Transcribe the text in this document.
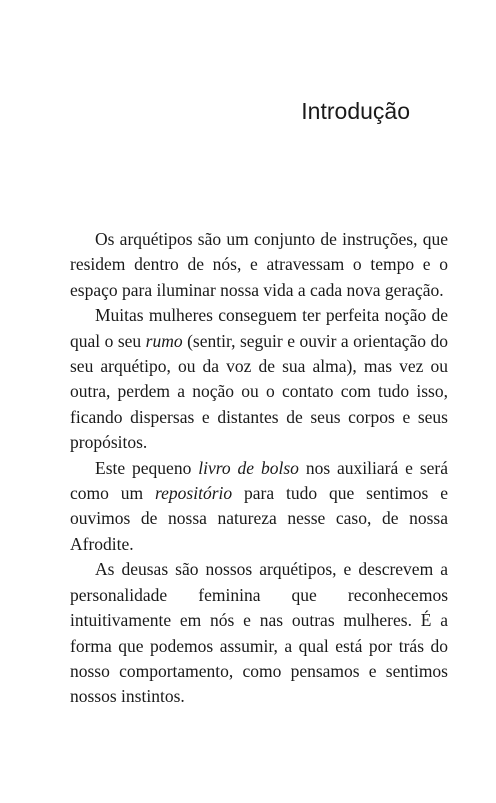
Introdução

Os arquétipos são um conjunto de instruções, que residem dentro de nós, e atravessam o tempo e o espaço para iluminar nossa vida a cada nova geração.

Muitas mulheres conseguem ter perfeita noção de qual o seu rumo (sentir, seguir e ouvir a orientação do seu arquétipo, ou da voz de sua alma), mas vez ou outra, perdem a noção ou o contato com tudo isso, ficando dispersas e distantes de seus corpos e seus propósitos.

Este pequeno livro de bolso nos auxiliará e será como um repositório para tudo que sentimos e ouvimos de nossa natureza nesse caso, de nossa Afrodite.

As deusas são nossos arquétipos, e descrevem a personalidade feminina que reconhecemos intuitivamente em nós e nas outras mulheres. É a forma que podemos assumir, a qual está por trás do nosso comportamento, como pensamos e sentimos nossos instintos.
